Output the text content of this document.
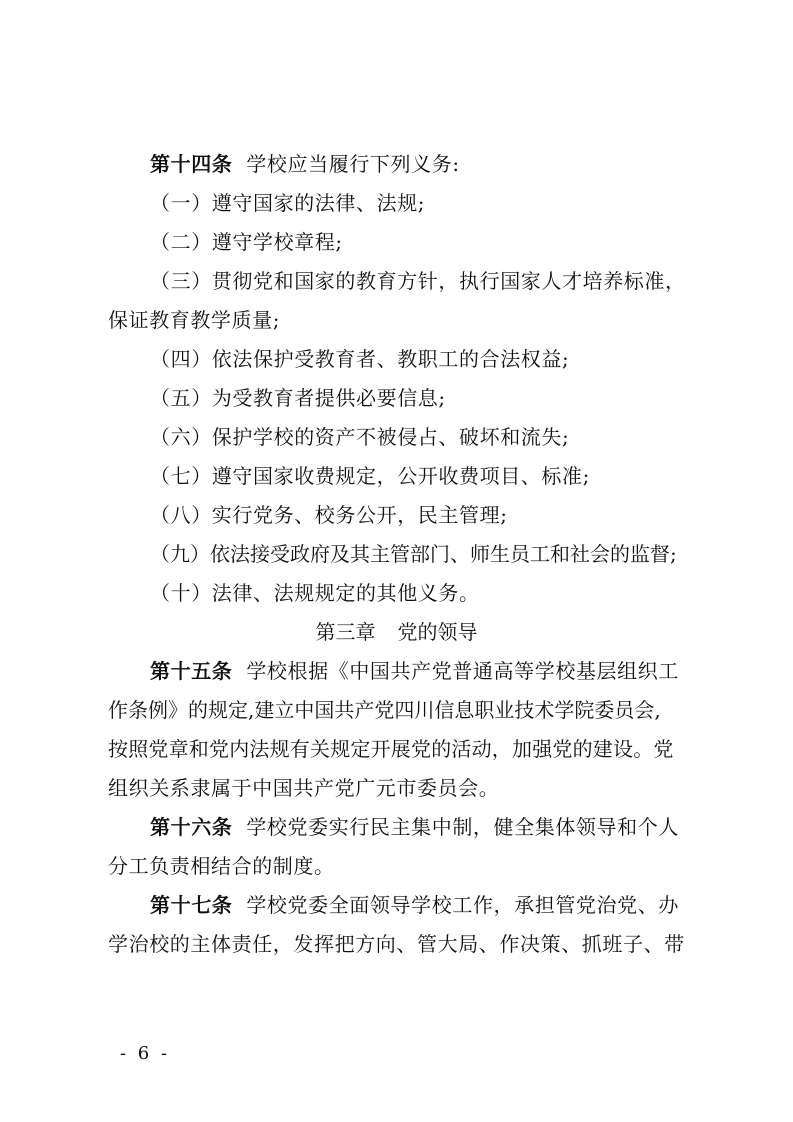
第十四条 学校应当履行下列义务:
（一）遵守国家的法律、法规;
（二）遵守学校章程;
（三）贯彻党和国家的教育方针，执行国家人才培养标准，
保证教育教学质量;
（四）依法保护受教育者、教职工的合法权益;
（五）为受教育者提供必要信息;
（六）保护学校的资产不被侵占、破坏和流失;
（七）遵守国家收费规定，公开收费项目、标准;
（八）实行党务、校务公开，民主管理;
（九）依法接受政府及其主管部门、师生员工和社会的监督;
（十）法律、法规规定的其他义务。
第三章 党的领导
第十五条 学校根据《中国共产党普通高等学校基层组织工
作条例》的规定,建立中国共产党四川信息职业技术学院委员会,
按照党章和党内法规有关规定开展党的活动，加强党的建设。党
组织关系隶属于中国共产党广元市委员会。
第十六条 学校党委实行民主集中制，健全集体领导和个人
分工负责相结合的制度。
第十七条 学校党委全面领导学校工作，承担管党治党、办
学治校的主体责任，发挥把方向、管大局、作决策、抓班子、带
- 6 -
